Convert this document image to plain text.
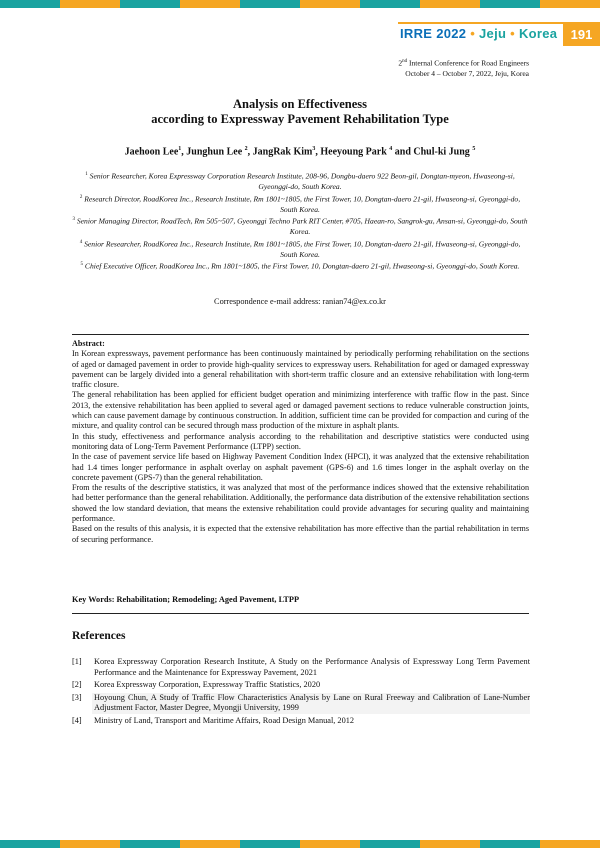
IRRE 2022 • Jeju • Korea	191
2nd Internal Conference for Road Engineers
October 4 – October 7, 2022, Jeju, Korea
Analysis on Effectiveness
according to Expressway Pavement Rehabilitation Type
Jaehoon Lee$^1$, Junghun Lee $^2$, JangRak Kim$^3$, Heeyoung Park $^4$ and Chul-ki Jung $^5$

$^1$ Senior Researcher, Korea Expressway Corporation Research Institute, 208-96, Dongbu-daero 922 Beon-gil, Dongtan-myeon, Hwaseong-si, Gyeonggi-do, South Korea.

$^2$ Research Director, RoadKorea Inc., Research Institute, Rm 1801~1805, the First Tower, 10, Dongtan-daero 21-gil, Hwaseong-si, Gyeonggi-do, South Korea.

$^3$ Senior Managing Director, RoadTech, Rm 505~507, Gyeonggi Techno Park RIT Center, #705, Haean-ro, Sangrok-gu, Ansan-si, Gyeonggi-do, South Korea.

$^4$ Senior Researcher, RoadKorea Inc., Research Institute, Rm 1801~1805, the First Tower, 10, Dongtan-daero 21-gil, Hwaseong-si, Gyeonggi-do, South Korea.

$^5$ Chief Executive Officer, RoadKorea Inc., Rm 1801~1805, the First Tower, 10, Dongtan-daero 21-gil, Hwaseong-si, Gyeonggi-do, South Korea.

Correspondence e-mail address: ranian74@ex.co.kr

Abstract:

In Korean expressways, pavement performance has been continuously maintained by periodically performing rehabilitation on the sections of aged or damaged pavement in order to provide high-quality services to expressway users. Rehabilitation for aged or damaged expressway pavement can be largely divided into a general rehabilitation with short-term traffic closure and an extensive rehabilitation with long-term traffic closure.

The general rehabilitation has been applied for efficient budget operation and minimizing interference with traffic flow in the past. Since 2013, the extensive rehabilitation has been applied to several aged or damaged pavement sections to reduce vulnerable construction joints, which can cause pavement damage by continuous construction. In addition, sufficient time can be provided for compaction and curing of the mixture, and quality control can be secured through mass production of the mixture in asphalt plants.

In this study, effectiveness and performance analysis according to the rehabilitation and descriptive statistics were conducted using monitoring data of Long-Term Pavement Performance (LTPP) section.

In the case of pavement service life based on Highway Pavement Condition Index (HPCI), it was analyzed that the extensive rehabilitation had 1.4 times longer performance in asphalt overlay on asphalt pavement (GPS-6) and 1.6 times longer in the asphalt overlay on the concrete pavement (GPS-7) than the general rehabilitation.

From the results of the descriptive statistics, it was analyzed that most of the performance indices showed that the extensive rehabilitation had better performance than the general rehabilitation. Additionally, the performance data distribution of the extensive rehabilitation sections showed the low standard deviation, that means the extensive rehabilitation could provide advantages for securing quality and maintaining performance.

Based on the results of this analysis, it is expected that the extensive rehabilitation has more effective than the partial rehabilitation in terms of securing performance.

Key Words: Rehabilitation; Remodeling; Aged Pavement, LTPP
References
[1]	Korea Expressway Corporation Research Institute, A Study on the Performance Analysis of Expressway Long Term Pavement Performance and the Maintenance for Expressway Pavement, 2021
[2]	Korea Expressway Corporation, Expressway Traffic Statistics, 2020
[3]	Hoyoung Chun, A Study of Traffic Flow Characteristics Analysis by Lane on Rural Freeway and Calibration of Lane-Number Adjustment Factor, Master Degree, Myongji University, 1999
[4]	Ministry of Land, Transport and Maritime Affairs, Road Design Manual, 2012
